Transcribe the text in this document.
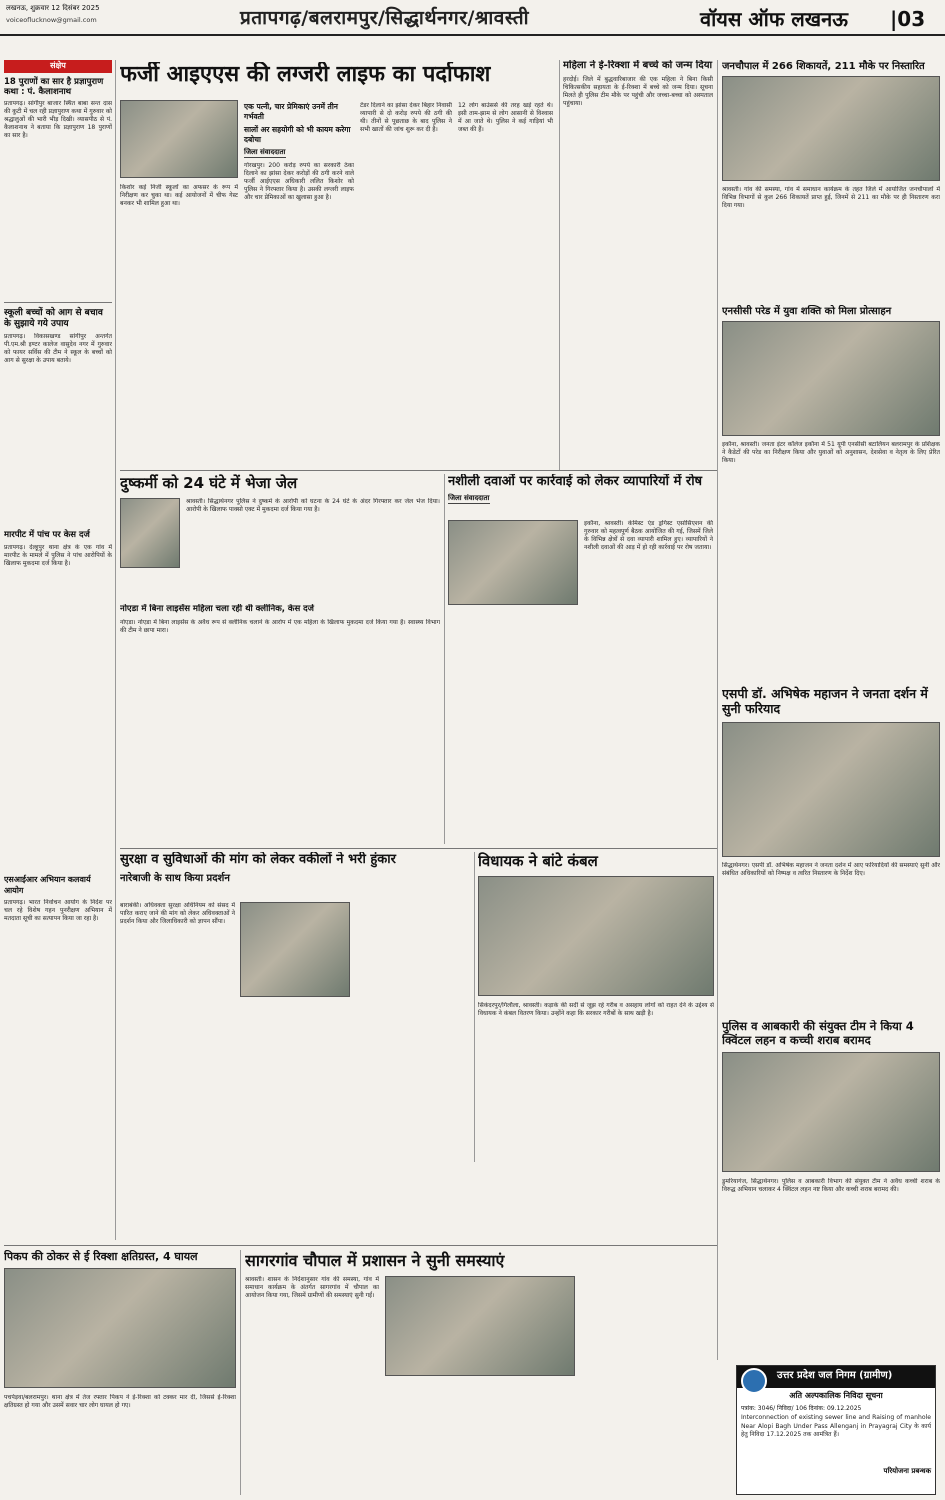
लखनऊ, शुक्रवार 12 दिसंबर 2025
voiceoflucknow@gmail.com	प्रतापगढ़/बलरामपुर/सिद्धार्थनगर/श्रावस्ती	वॉयस ऑफ लखनऊ |03
संक्षेप
18 पुराणों का सार है प्रज्ञापुराण कथा : पं. कैलाशनाथ
प्रतापगढ़। सांगीपुर बाजार स्थित बाबा सन्त दास की कुटी में चल रही प्रज्ञापुराण कथा में गुरुवार को श्रद्धालुओं की भारी भीड़ दिखी। व्यासपीठ से पं. कैलाशनाथ ने बताया कि प्रज्ञापुराण 18 पुराणों का सार है।
स्कूली बच्चों को आग से बचाव के सुझाये गये उपाय
प्रतापगढ़। विकासखण्ड सांगीपुर अन्तर्गत पी.एम.श्री इण्टर कालेज वासुदेव नगर में गुरुवार को फायर सर्विस की टीम ने स्कूल के बच्चों को आग से सुरक्षा के उपाय बताये।
मारपीट में पांच पर केस दर्ज
प्रतापगढ़। देल्हूपुर थाना क्षेत्र के एक गांव में मारपीट के मामले में पुलिस ने पांच आरोपियों के खिलाफ मुकदमा दर्ज किया है।
एसआईआर अभियान कलवार्य आयोग
प्रतापगढ़। भारत निर्वाचन आयोग के निर्देश पर चल रहे विशेष गहन पुनरीक्षण अभियान में मतदाता सूची का सत्यापन किया जा रहा है।
फर्जी आइएएस की लग्जरी लाइफ का पर्दाफाश
एक पत्नी, चार प्रेमिकाएं उनमें तीन गर्भवती
सालों अर सहयोगी को भी कायम करेगा दबोचा
जिला संवाददाता
गोरखपुर। 200 करोड़ रुपये का सरकारी ठेका दिलाने का झांसा देकर करोड़ों की ठगी करने वाले फर्जी आईएएस अधिकारी ललित किशोर को पुलिस ने गिरफ्तार किया है। उसकी लग्जरी लाइफ और चार प्रेमिकाओं का खुलासा हुआ है।
टेंडर दिलाने का झांसा देकर बिहार निवासी व्यापारी से दो करोड़ रुपये की ठगी की थी। तीनों से पूछताछ के बाद पुलिस ने सभी खातों की जांच शुरू कर दी है।
12 लोग बाउंसर्स की तरह खड़े रहते थे। इसी ताम-झाम से लोग आसानी से विश्वास में आ जाते थे। पुलिस ने कई गाड़ियां भी जब्त की हैं।
किशोर कई निजी स्कूलों का अफसर के रूप में निरीक्षण कर चुका था। कई आयोजनों में चीफ गेस्ट बनकर भी शामिल हुआ था।
महिला ने ई-रिक्शा में बच्चे को जन्म दिया
हरदोई। जिले में बुद्धवारिबाजार की एक महिला ने बिना किसी चिकित्सकीय सहायता के ई-रिक्शा में बच्चे को जन्म दिया। सूचना मिलते ही पुलिस टीम मौके पर पहुंची और जच्चा-बच्चा को अस्पताल पहुंचाया।
जनचौपाल में 266 शिकायतें, 211 मौके पर निस्तारित
श्रावस्ती। गांव की समस्या, गांव में समाधान कार्यक्रम के तहत जिले में आयोजित जनचौपालों में विभिन्न विभागों से कुल 266 शिकायतें प्राप्त हुई, जिनमें से 211 का मौके पर ही निस्तारण करा दिया गया।
एनसीसी परेड में युवा शक्ति को मिला प्रोत्साहन
इकौना, श्रावस्ती। जनता इंटर कॉलेज इकौना में 51 यूपी एनसीसी बटालियन बलरामपुर के प्रशिक्षक ने कैडेटों की परेड का निरीक्षण किया और युवाओं को अनुशासन, देशसेवा व नेतृत्व के लिए प्रेरित किया।
एसपी डॉ. अभिषेक महाजन ने जनता दर्शन में सुनी फरियाद
सिद्धार्थनगर। एसपी डॉ. अभिषेक महाजन ने जनता दर्शन में आए फरियादियों की समस्याएं सुनीं और संबंधित अधिकारियों को निष्पक्ष व त्वरित निस्तारण के निर्देश दिए।
पुलिस व आबकारी की संयुक्त टीम ने किया 4 क्विंटल लहन व कच्ची शराब बरामद
डुमरियागंज, सिद्धार्थनगर। पुलिस व आबकारी विभाग की संयुक्त टीम ने अवैध कच्ची शराब के विरुद्ध अभियान चलाकर 4 क्विंटल लहन नष्ट किया और कच्ची शराब बरामद की।
दुष्कर्मी को 24 घंटे में भेजा जेल
श्रावस्ती। सिद्धार्थनगर पुलिस ने दुष्कर्म के आरोपी को घटना के 24 घंटे के अंदर गिरफ्तार कर जेल भेज दिया। आरोपी के खिलाफ पाक्सो एक्ट में मुकदमा दर्ज किया गया है।
नशीली दवाओं पर कार्रवाई को लेकर व्यापारियों में रोष
जिला संवाददाता
इकौना, श्रावस्ती। केमिस्ट एंड ड्रगिस्ट एसोसिएशन की गुरुवार को महत्वपूर्ण बैठक आयोजित की गई, जिसमें जिले के विभिन्न क्षेत्रों से दवा व्यापारी शामिल हुए। व्यापारियों ने नशीली दवाओं की आड़ में हो रही कार्रवाई पर रोष जताया।
नोएडा में बिना लाइसेंस महिला चला रही थी क्लीनिक, केस दर्ज
नोएडा। नोएडा में बिना लाइसेंस के अवैध रूप से क्लीनिक चलाने के आरोप में एक महिला के खिलाफ मुकदमा दर्ज किया गया है। स्वास्थ्य विभाग की टीम ने छापा मारा।
सुरक्षा व सुविधाओं की मांग को लेकर वकीलों ने भरी हुंकार
नारेबाजी के साथ किया प्रदर्शन
बाराबंकी। अधिवक्ता सुरक्षा अधिनियम को संसद में पारित कराए जाने की मांग को लेकर अधिवक्ताओं ने प्रदर्शन किया और जिलाधिकारी को ज्ञापन सौंपा।
विधायक ने बांटे कंबल
सिकंदरपुर/गिलौला, श्रावस्ती। कड़ाके की सर्दी से जूझ रहे गरीब व असहाय लोगों को राहत देने के उद्देश्य से विधायक ने कंबल वितरण किया। उन्होंने कहा कि सरकार गरीबों के साथ खड़ी है।
पिकप की ठोकर से ई रिक्शा क्षतिग्रस्त, 4 घायल
पचपेड़वा/बलरामपुर। थाना क्षेत्र में तेज रफ्तार पिकप ने ई-रिक्शा को टक्कर मार दी, जिससे ई-रिक्शा क्षतिग्रस्त हो गया और उसमें सवार चार लोग घायल हो गए।
सागरगांव चौपाल में प्रशासन ने सुनी समस्याएं
श्रावस्ती। शासन के निर्देशानुसार गांव की समस्या, गांव में समाधान कार्यक्रम के अंतर्गत सागरगांव में चौपाल का आयोजन किया गया, जिसमें ग्रामीणों की समस्याएं सुनी गईं।
उत्तर प्रदेश जल निगम (ग्रामीण)
अति अल्पकालिक निविदा सूचना
पत्रांक: 3046/ निविदा/ 106 दिनांक: 09.12.2025
Interconnection of existing sewer line and Raising of manhole Near Alopi Bagh Under Pass Allenganj in Prayagraj City के कार्य हेतु निविदा 17.12.2025 तक आमंत्रित हैं।
परियोजना प्रबन्धक
